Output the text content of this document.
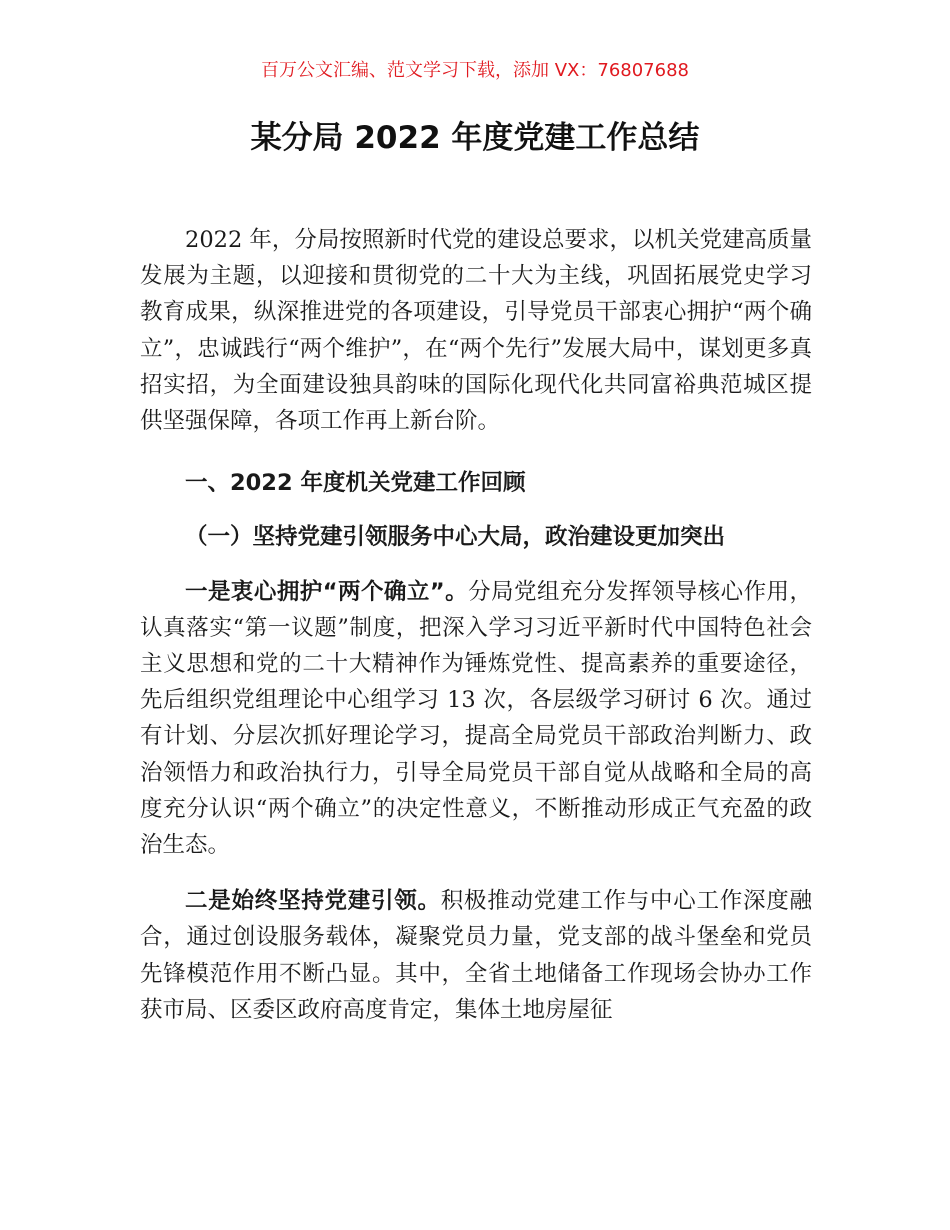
百万公文汇编、范文学习下载，添加 VX：76807688
某分局 2022 年度党建工作总结

2022 年，分局按照新时代党的建设总要求，以机关党建高质量发展为主题，以迎接和贯彻党的二十大为主线，巩固拓展党史学习教育成果，纵深推进党的各项建设，引导党员干部衷心拥护“两个确立”，忠诚践行“两个维护”，在“两个先行”发展大局中，谋划更多真招实招，为全面建设独具韵味的国际化现代化共同富裕典范城区提供坚强保障，各项工作再上新台阶。

一、2022 年度机关党建工作回顾

（一）坚持党建引领服务中心大局，政治建设更加突出

一是衷心拥护“两个确立”。分局党组充分发挥领导核心作用，认真落实“第一议题”制度，把深入学习习近平新时代中国特色社会主义思想和党的二十大精神作为锤炼党性、提高素养的重要途径，先后组织党组理论中心组学习 13 次，各层级学习研讨 6 次。通过有计划、分层次抓好理论学习，提高全局党员干部政治判断力、政治领悟力和政治执行力，引导全局党员干部自觉从战略和全局的高度充分认识“两个确立”的决定性意义，不断推动形成正气充盈的政治生态。

二是始终坚持党建引领。积极推动党建工作与中心工作深度融合，通过创设服务载体，凝聚党员力量，党支部的战斗堡垒和党员先锋模范作用不断凸显。其中，全省土地储备工作现场会协办工作获市局、区委区政府高度肯定，集体土地房屋征
